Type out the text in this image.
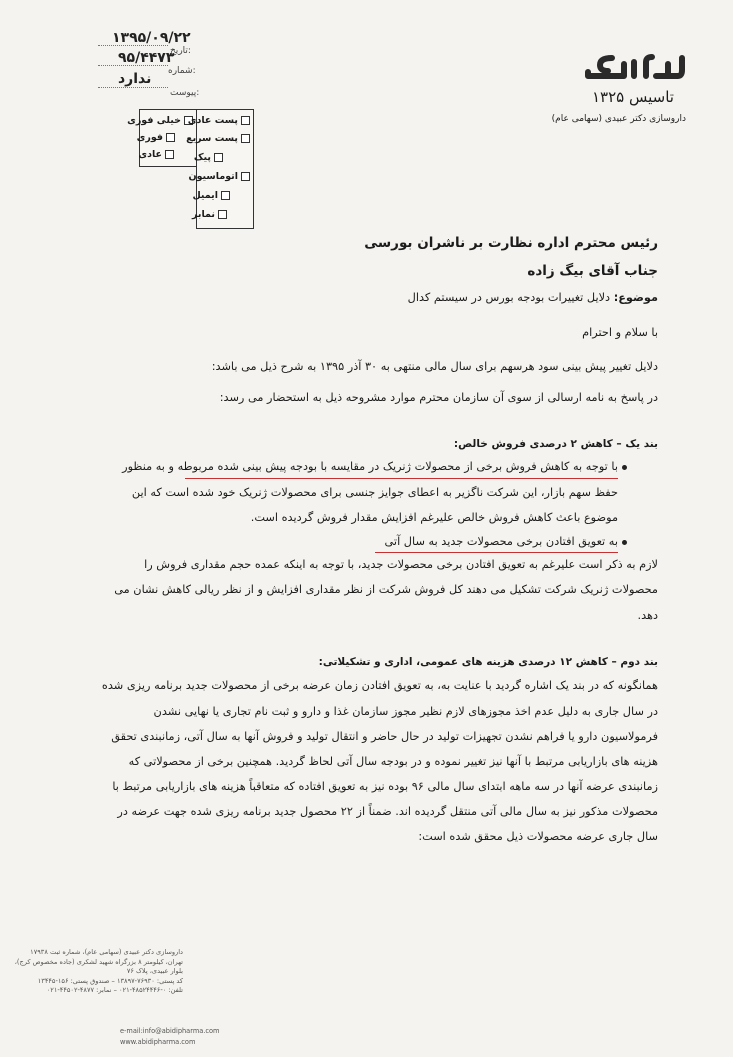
۱۳۹۵/۰۹/۲۲
تاریخ:
۹۵/۴۴۷۳
شماره:
ندارد
پیوست:
خیلی فوری
فوری
عادی
پست عادی
پست سریع
پیک
اتوماسیون
ایمیل
نمابر
تاسیس ۱۳۲۵
داروسازی دکتر عبیدی (سهامی عام)
رئیس محترم اداره نظارت بر ناشران بورسی
جناب آقای بیگ زاده
موضوع: دلایل تغییرات بودجه بورس در سیستم کدال
با سلام و احترام
دلایل تغییر پیش بینی سود هرسهم برای سال مالی منتهی به ۳۰ آذر ۱۳۹۵ به شرح ذیل می باشد:
در پاسخ به نامه ارسالی از سوی آن سازمان محترم موارد مشروحه ذیل به استحضار می رسد:
بند یک – کاهش ۲ درصدی فروش خالص:
با توجه به کاهش فروش برخی از محصولات ژنریک در مقایسه با بودجه پیش بینی شده مربوطه و به منظور
حفظ سهم بازار، این شرکت ناگزیر به اعطای جوایز جنسی برای محصولات ژنریک خود شده است که این
موضوع باعث کاهش فروش خالص علیرغم افزایش مقدار فروش گردیده است.
به تعویق افتادن برخی محصولات جدید به سال آتی
لازم به ذکر است علیرغم به تعویق افتادن برخی محصولات جدید، با توجه به اینکه عمده حجم مقداری فروش را
محصولات ژنریک شرکت تشکیل می دهند کل فروش شرکت از نظر مقداری افزایش و از نظر ریالی کاهش نشان می
دهد.
بند دوم – کاهش ۱۲ درصدی هزینه های عمومی، اداری و تشکیلاتی:
همانگونه که در بند یک اشاره گردید با عنایت به، به تعویق افتادن زمان عرضه برخی از محصولات جدید برنامه ریزی شده
در سال جاری به دلیل عدم اخذ مجوزهای لازم نظیر مجوز سازمان غذا و دارو و ثبت نام تجاری یا نهایی نشدن
فرمولاسیون دارو یا فراهم نشدن تجهیزات تولید در حال حاضر و انتقال تولید و فروش آنها به سال آتی، زمانبندی تحقق
هزینه های بازاریابی مرتبط با آنها نیز تغییر نموده و در بودجه سال آتی لحاظ گردید. همچنین برخی از محصولاتی که
زمانبندی عرضه آنها در سه ماهه ابتدای سال مالی ۹۶ بوده نیز به تعویق افتاده که متعاقباً هزینه های بازاریابی مرتبط با
محصولات مذکور نیز به سال مالی آتی منتقل گردیده اند. ضمناً از ۲۲ محصول جدید برنامه ریزی شده جهت عرضه در
سال جاری عرضه محصولات ذیل محقق شده است:
داروسازی دکتر عبیدی (سهامی عام)، شماره ثبت ۱۷۹۳۸
تهران، کیلومتر ۸ بزرگراه شهید لشکری (جاده مخصوص کرج)،
بلوار عبیدی، پلاک ۷۶
کد پستی: ۷۶۹۳۰-۱۳۸۹۷ – صندوق پستی: ۱۵۶-۱۳۴۴۵
تلفن: ۰-۴۸۵۲۴۴۴۶-۰۲۱ – نمابر: ۴۸۷۷-۴۴۵۰۲-۰۲۱
e-mail:info@abidipharma.com
www.abidipharma.com
